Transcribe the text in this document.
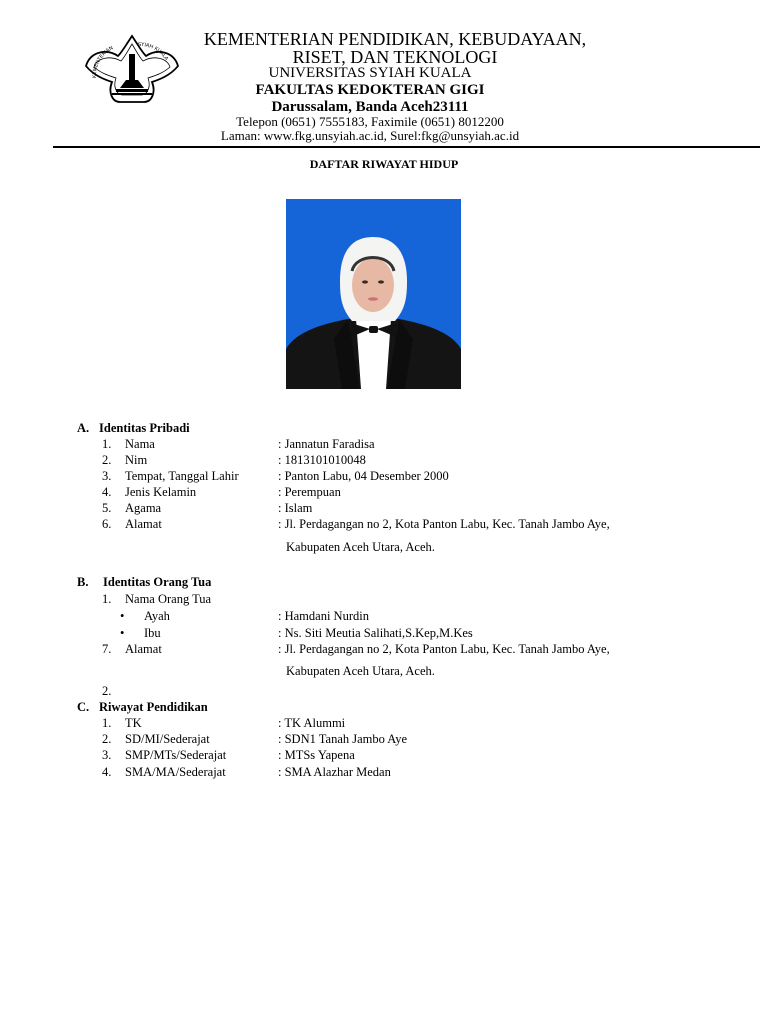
KEMENTERIAN
SYIAH KUALA
KEMENTERIAN PENDIDIKAN, KEBUDAYAAN,
RISET, DAN TEKNOLOGI
UNIVERSITAS SYIAH KUALA
FAKULTAS KEDOKTERAN GIGI
Darussalam, Banda Aceh23111
Telepon (0651) 7555183, Faximile (0651) 8012200
Laman: www.fkg.unsyiah.ac.id, Surel:fkg@unsyiah.ac.id
DAFTAR RIWAYAT HIDUP
A. Identitas Pribadi
1. Nama	: Jannatun Faradisa
2. Nim	: 1813101010048
3. Tempat, Tanggal Lahir	: Panton Labu, 04 Desember 2000
4. Jenis Kelamin	: Perempuan
5. Agama	: Islam
6. Alamat	: Jl. Perdagangan no 2, Kota Panton Labu, Kec. Tanah Jambo Aye,
Kabupaten Aceh Utara, Aceh.
B. Identitas Orang Tua
1. Nama Orang Tua
• Ayah	: Hamdani Nurdin
• Ibu	: Ns. Siti Meutia Salihati,S.Kep,M.Kes
7. Alamat	: Jl. Perdagangan no 2, Kota Panton Labu, Kec. Tanah Jambo Aye,
Kabupaten Aceh Utara, Aceh.
2.
C. Riwayat Pendidikan
1. TK	: TK Alummi
2. SD/MI/Sederajat	: SDN1 Tanah Jambo Aye
3. SMP/MTs/Sederajat	: MTSs Yapena
4. SMA/MA/Sederajat	: SMA Alazhar Medan
